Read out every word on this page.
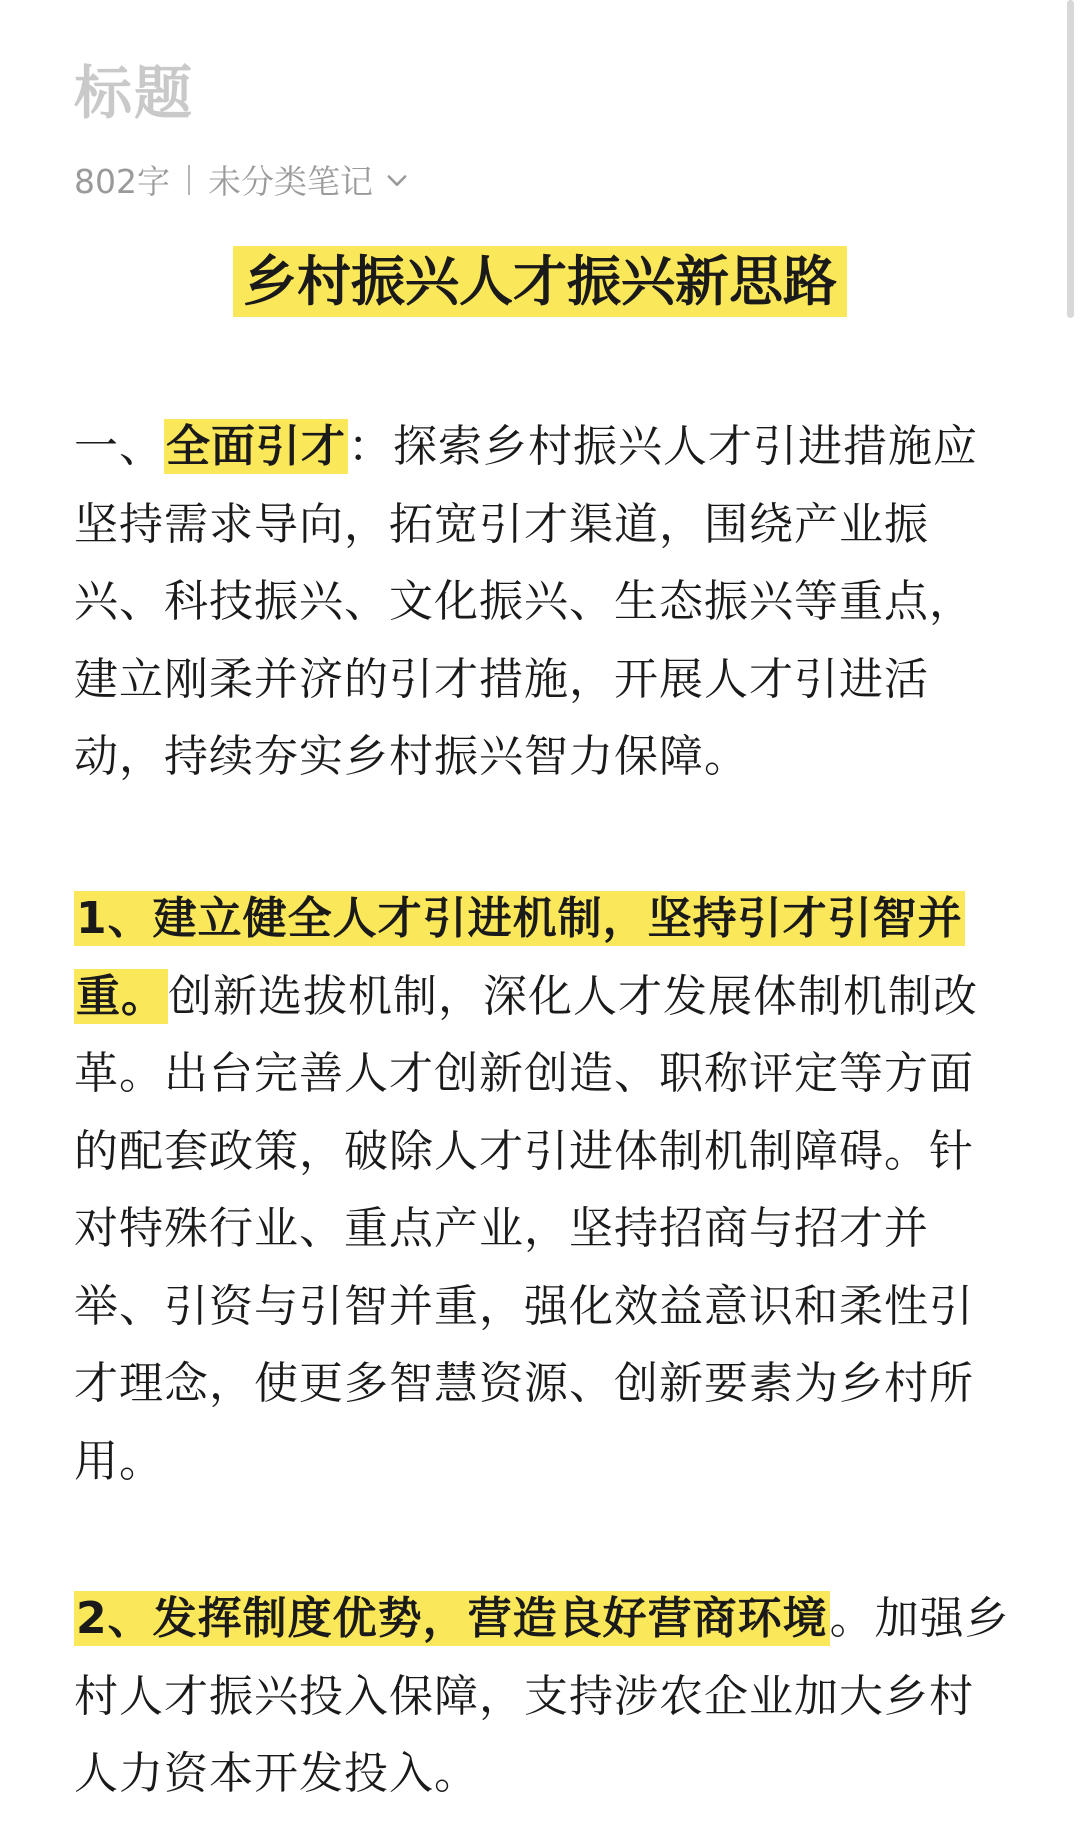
标题
802字 未分类笔记
乡村振兴人才振兴新思路
一、全面引才：探索乡村振兴人才引进措施应坚持需求导向，拓宽引才渠道，围绕产业振兴、科技振兴、文化振兴、生态振兴等重点，建立刚柔并济的引才措施，开展人才引进活动，持续夯实乡村振兴智力保障。
1、建立健全人才引进机制，坚持引才引智并重。创新选拔机制，深化人才发展体制机制改革。出台完善人才创新创造、职称评定等方面的配套政策，破除人才引进体制机制障碍。针对特殊行业、重点产业，坚持招商与招才并举、引资与引智并重，强化效益意识和柔性引才理念，使更多智慧资源、创新要素为乡村所用。
2、发挥制度优势，营造良好营商环境。加强乡村人才振兴投入保障，支持涉农企业加大乡村人力资本开发投入。
